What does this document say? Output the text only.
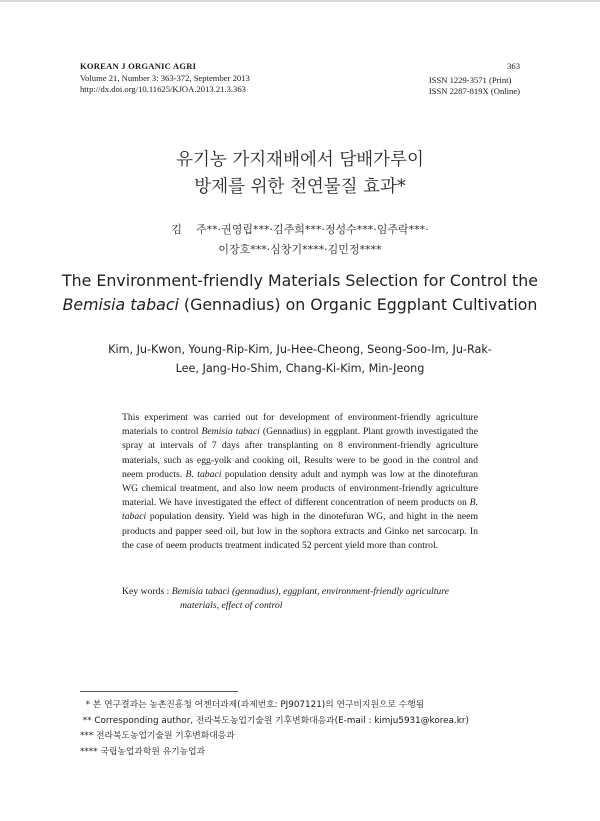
KOREAN J ORGANIC AGRI
Volume 21, Number 3: 363-372, September 2013
http://dx.doi.org/10.11625/KJOA.2013.21.3.363
363
ISSN 1229-3571 (Print)
ISSN 2287-819X (Online)
유기농 가지재배에서 담배가루이
방제를 위한 천연물질 효과*
김    주**·권영립***·김주희***·정성수***·임주락***·
이장호***·심창기****·김민정****
The Environment-friendly Materials Selection for Control the
Bemisia tabaci (Gennadius) on Organic Eggplant Cultivation
Kim, Ju-Kwon, Young-Rip-Kim, Ju-Hee-Cheong, Seong-Soo-Im, Ju-Rak-
Lee, Jang-Ho-Shim, Chang-Ki-Kim, Min-Jeong
This experiment was carried out for development of environment-friendly agriculture materials to control Bemisia tabaci (Gennadius) in eggplant. Plant growth investigated the spray at intervals of 7 days after transplanting on 8 environment-friendly agriculture materials, such as egg-yolk and cooking oil, Results were to be good in the control and neem products. B. tabaci population density adult and nymph was low at the dinotefuran WG chemical treatment, and also low neem products of environment-friendly agriculture material. We have investigated the effect of different concentration of neem products on B. tabaci population density. Yield was high in the dinotefuran WG, and hight in the neem products and papper seed oil, but low in the sophora extracts and Ginko net sarcocarp. In the case of neem products treatment indicated 52 percent yield more than control.
Key words : Bemisia tabaci (gennadius), eggplant, environment-friendly agriculture
materials, effect of control
* 본 연구결과는 농촌진흥청 어젠더과제(과제번호: PJ907121)의 연구비지원으로 수행됨
** Corresponding author, 전라북도농업기술원 기후변화대응과(E-mail : kimju5931@korea.kr)
*** 전라북도농업기술원 기후변화대응과
**** 국립농업과학원 유기농업과
